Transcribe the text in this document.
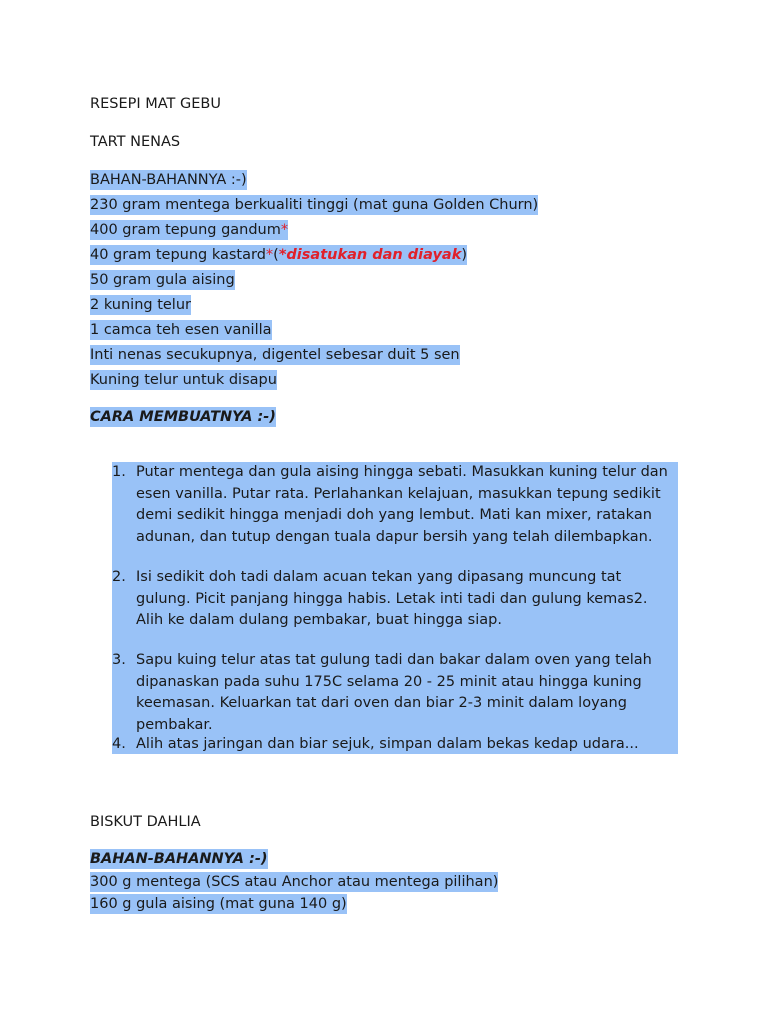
RESEPI MAT GEBU
TART NENAS
BAHAN-BAHANNYA :-)
230 gram mentega berkualiti tinggi (mat guna Golden Churn)
400 gram tepung gandum*
40 gram tepung kastard*(*disatukan dan diayak)
50 gram gula aising
2 kuning telur
1 camca teh esen vanilla
Inti nenas secukupnya, digentel sebesar duit 5 sen
Kuning telur untuk disapu
CARA MEMBUATNYA :-)
1. Putar mentega dan gula aising hingga sebati. Masukkan kuning telur dan esen vanilla. Putar rata. Perlahankan kelajuan, masukkan tepung sedikit demi sedikit hingga menjadi doh yang lembut. Mati kan mixer, ratakan adunan, dan tutup dengan tuala dapur bersih yang telah dilembapkan.
2. Isi sedikit doh tadi dalam acuan tekan yang dipasang muncung tat gulung. Picit panjang hingga habis. Letak inti tadi dan gulung kemas2. Alih ke dalam dulang pembakar, buat hingga siap.
3. Sapu kuing telur atas tat gulung tadi dan bakar dalam oven yang telah dipanaskan pada suhu 175C selama 20 - 25 minit atau hingga kuning keemasan. Keluarkan tat dari oven dan biar 2-3 minit dalam loyang pembakar.
4. Alih atas jaringan dan biar sejuk, simpan dalam bekas kedap udara...
BISKUT DAHLIA
BAHAN-BAHANNYA :-)
300 g mentega (SCS atau Anchor atau mentega pilihan)
160 g gula aising (mat guna 140 g)
